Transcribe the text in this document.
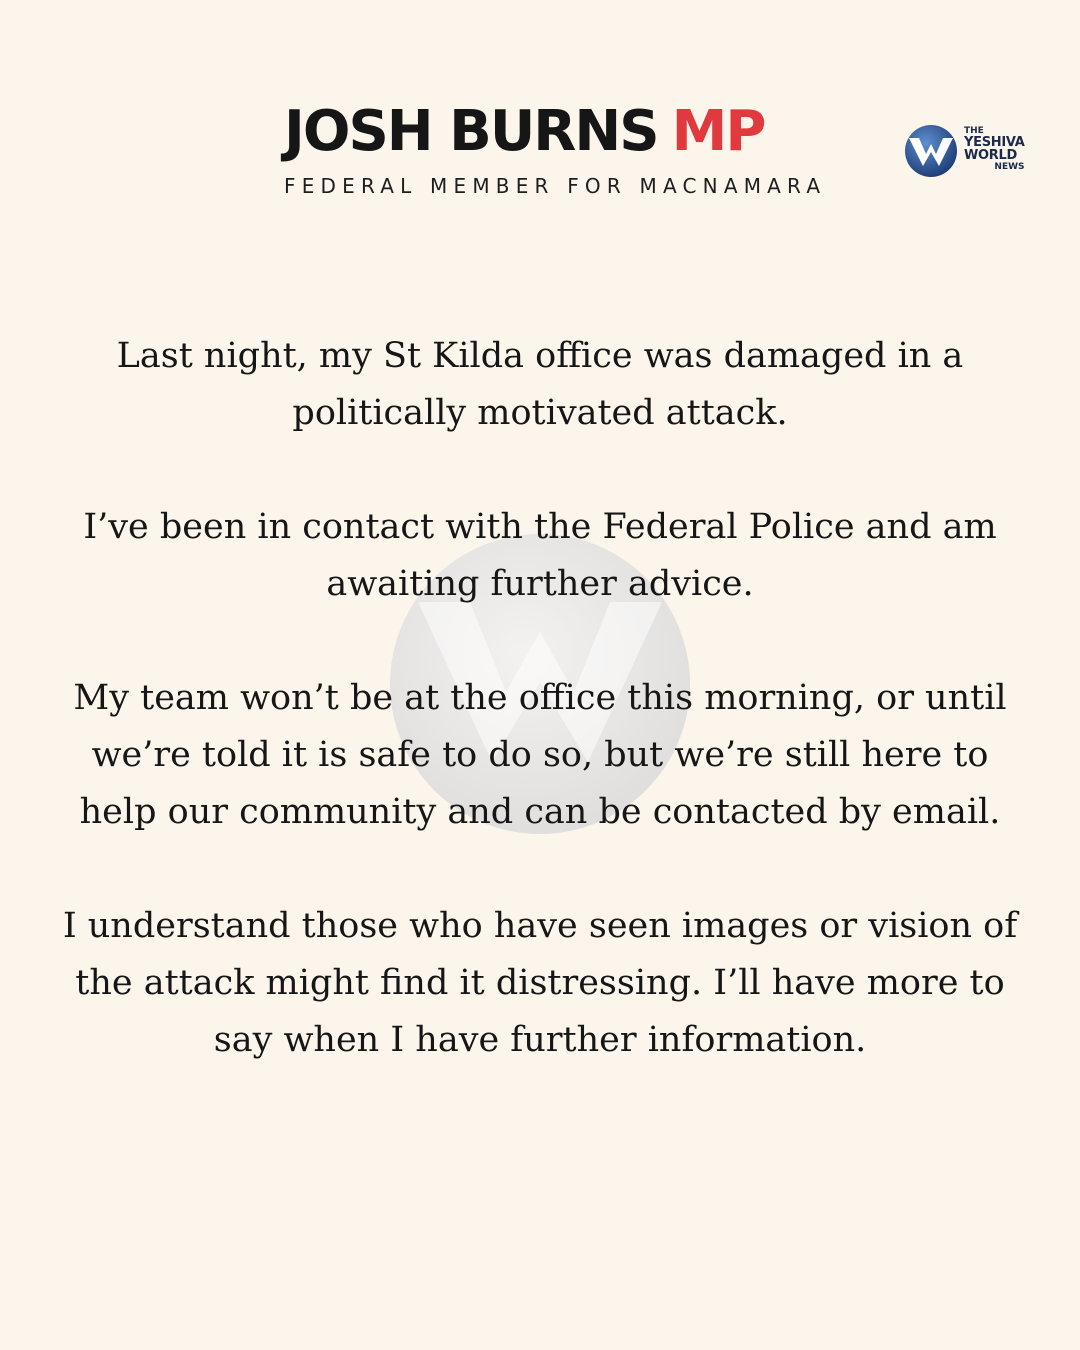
JOSH BURNS MP
FEDERAL MEMBER FOR MACNAMARA
THE
YESHIVA
WORLD
NEWS

Last night, my St Kilda office was damaged in a politically motivated attack.

I’ve been in contact with the Federal Police and am awaiting further advice.

My team won’t be at the office this morning, or until we’re told it is safe to do so, but we’re still here to help our community and can be contacted by email.

I understand those who have seen images or vision of the attack might find it distressing. I’ll have more to say when I have further information.
